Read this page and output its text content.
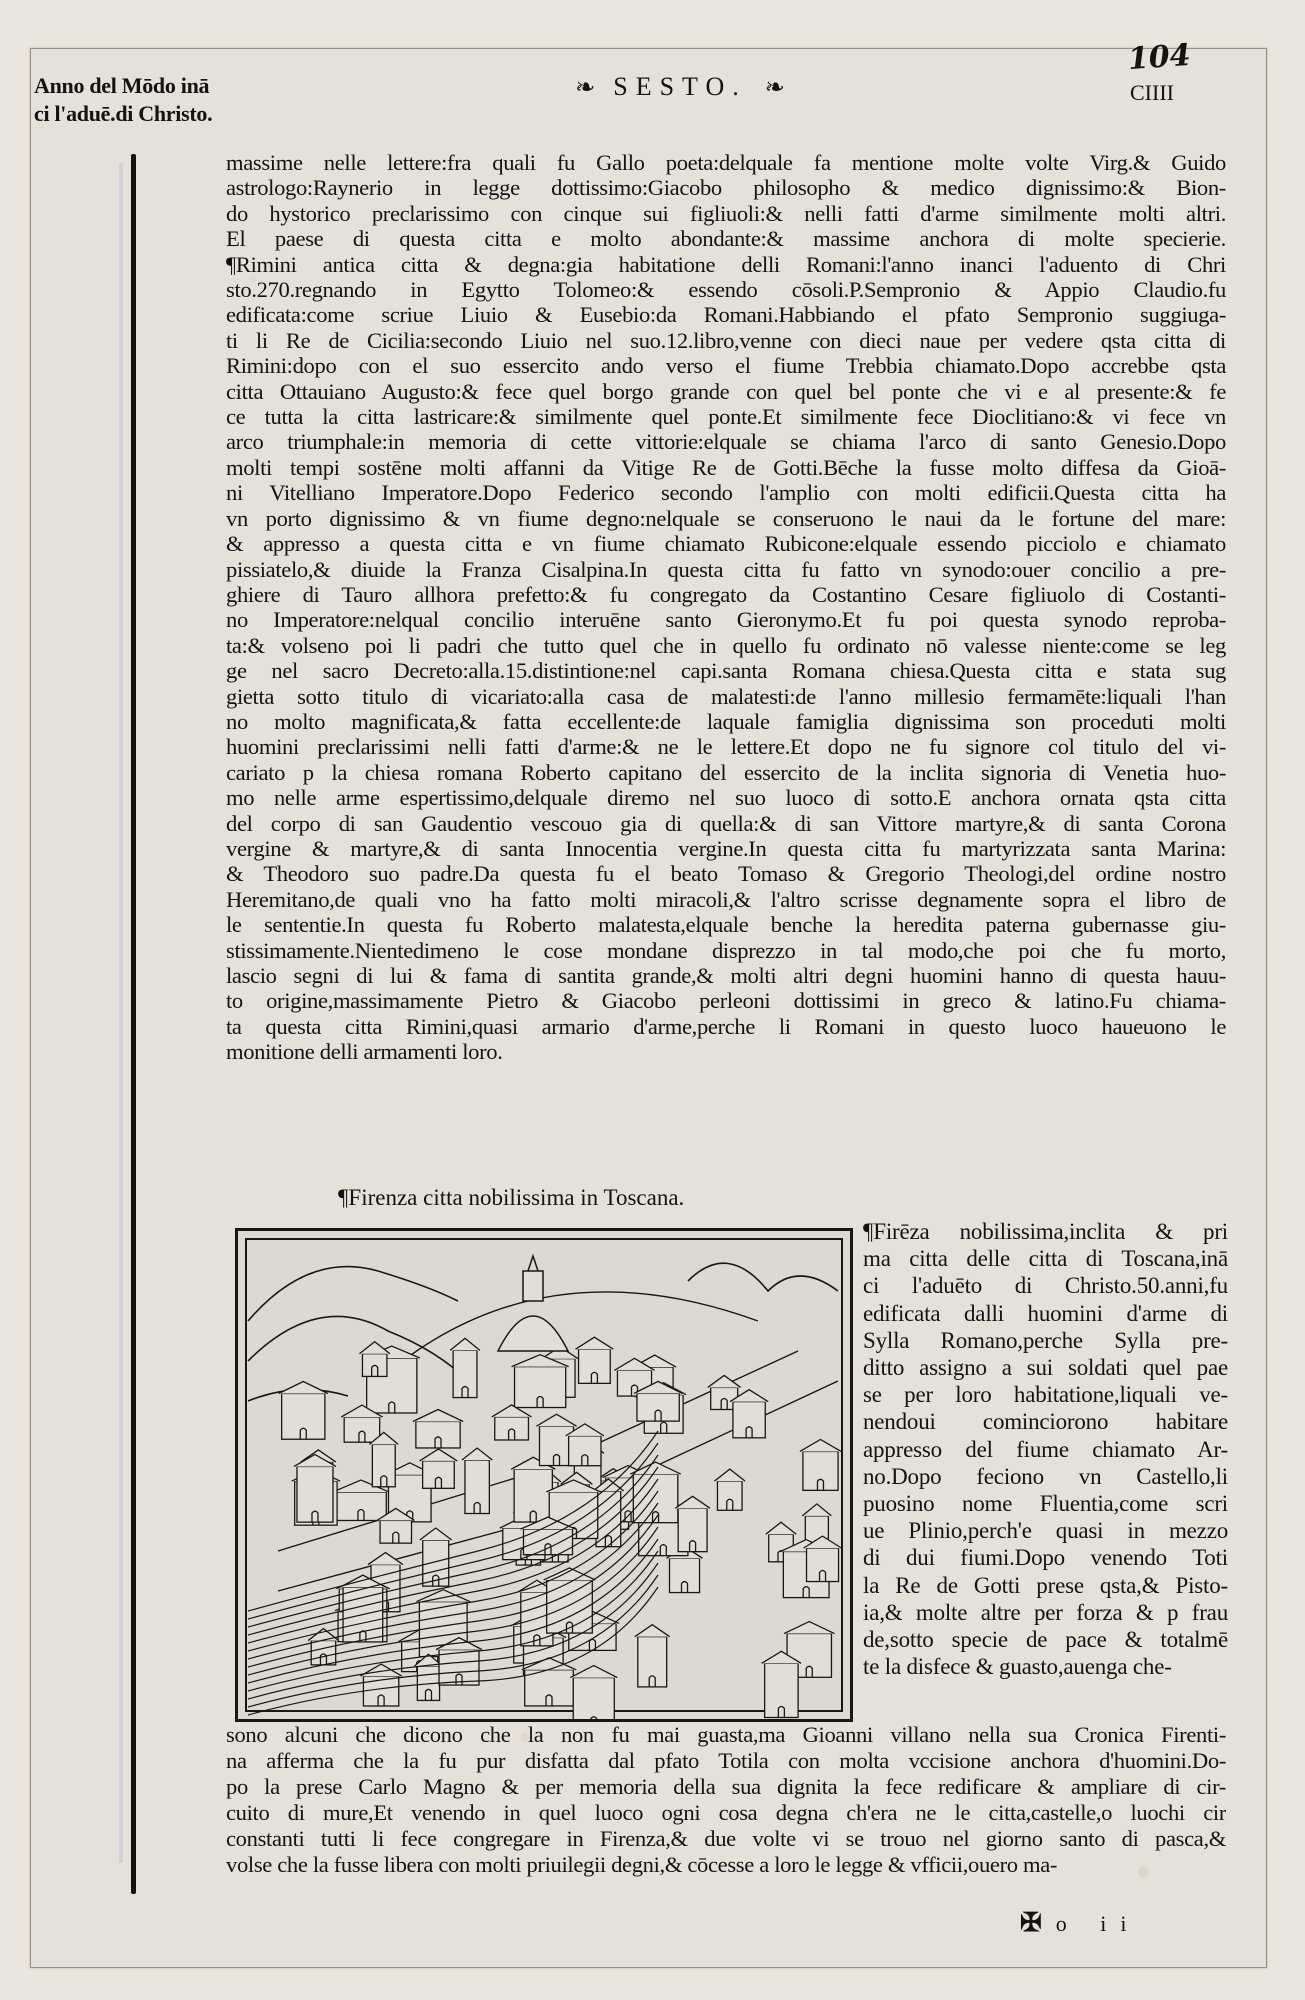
104
Anno del Mōdo inā
ci l'aduē.di Christo.
❧ SESTO. ❧	CIIII
massime nelle lettere:fra quali fu Gallo poeta:delquale fa mentione molte volte Virg.& Guido
astrologo:Raynerio in legge dottissimo:Giacobo philosopho & medico dignissimo:& Bion-
do hystorico preclarissimo con cinque sui figliuoli:& nelli fatti d'arme similmente molti altri.
El paese di questa citta e molto abondante:& massime anchora di molte specierie.
¶Rimini antica citta & degna:gia habitatione delli Romani:l'anno inanci l'aduento di Chri
sto.270.regnando in Egytto Tolomeo:& essendo cōsoli.P.Sempronio & Appio Claudio.fu
edificata:come scriue Liuio & Eusebio:da Romani.Habbiando el pfato Sempronio suggiuga-
ti li Re de Cicilia:secondo Liuio nel suo.12.libro,venne con dieci naue per vedere qsta citta di
Rimini:dopo con el suo essercito ando verso el fiume Trebbia chiamato.Dopo accrebbe qsta
citta Ottauiano Augusto:& fece quel borgo grande con quel bel ponte che vi e al presente:& fe
ce tutta la citta lastricare:& similmente quel ponte.Et similmente fece Dioclitiano:& vi fece vn
arco triumphale:in memoria di cette vittorie:elquale se chiama l'arco di santo Genesio.Dopo
molti tempi sostēne molti affanni da Vitige Re de Gotti.Bēche la fusse molto diffesa da Gioā-
ni Vitelliano Imperatore.Dopo Federico secondo l'amplio con molti edificii.Questa citta ha
vn porto dignissimo & vn fiume degno:nelquale se conseruono le naui da le fortune del mare:
& appresso a questa citta e vn fiume chiamato Rubicone:elquale essendo picciolo e chiamato
pissiatelo,& diuide la Franza Cisalpina.In questa citta fu fatto vn synodo:ouer concilio a pre-
ghiere di Tauro allhora prefetto:& fu congregato da Costantino Cesare figliuolo di Costanti-
no Imperatore:nelqual concilio interuēne santo Gieronymo.Et fu poi questa synodo reproba-
ta:& volseno poi li padri che tutto quel che in quello fu ordinato nō valesse niente:come se leg
ge nel sacro Decreto:alla.15.distintione:nel capi.santa Romana chiesa.Questa citta e stata sug
gietta sotto titulo di vicariato:alla casa de malatesti:de l'anno millesio fermamēte:liquali l'han
no molto magnificata,& fatta eccellente:de laquale famiglia dignissima son proceduti molti
huomini preclarissimi nelli fatti d'arme:& ne le lettere.Et dopo ne fu signore col titulo del vi-
cariato p la chiesa romana Roberto capitano del essercito de la inclita signoria di Venetia huo-
mo nelle arme espertissimo,delquale diremo nel suo luoco di sotto.E anchora ornata qsta citta
del corpo di san Gaudentio vescouo gia di quella:& di san Vittore martyre,& di santa Corona
vergine & martyre,& di santa Innocentia vergine.In questa citta fu martyrizzata santa Marina:
& Theodoro suo padre.Da questa fu el beato Tomaso & Gregorio Theologi,del ordine nostro
Heremitano,de quali vno ha fatto molti miracoli,& l'altro scrisse degnamente sopra el libro de
le sententie.In questa fu Roberto malatesta,elquale benche la heredita paterna gubernasse giu-
stissimamente.Nientedimeno le cose mondane disprezzo in tal modo,che poi che fu morto,
lascio segni di lui & fama di santita grande,& molti altri degni huomini hanno di questa hauu-
to origine,massimamente Pietro & Giacobo perleoni dottissimi in greco & latino.Fu chiama-
ta questa citta Rimini,quasi armario d'arme,perche li Romani in questo luoco haueuono le
monitione delli armamenti loro.
¶Firenza citta nobilissima in Toscana.
¶Firēza nobilissima,inclita & pri
ma citta delle citta di Toscana,inā
ci l'aduēto di Christo.50.anni,fu
edificata dalli huomini d'arme di
Sylla Romano,perche Sylla pre-
ditto assigno a sui soldati quel pae
se per loro habitatione,liquali ve-
nendoui cominciorono habitare
appresso del fiume chiamato Ar-
no.Dopo feciono vn Castello,li
puosino nome Fluentia,come scri
ue Plinio,perch'e quasi in mezzo
di dui fiumi.Dopo venendo Toti
la Re de Gotti prese qsta,& Pisto-
ia,& molte altre per forza & p frau
de,sotto specie de pace & totalmē
te la disfece & guasto,auenga che-
sono alcuni che dicono che la non fu mai guasta,ma Gioanni villano nella sua Cronica Firenti-
na afferma che la fu pur disfatta dal pfato Totila con molta vccisione anchora d'huomini.Do-
po la prese Carlo Magno & per memoria della sua dignita la fece redificare & ampliare di cir-
cuito di mure,Et venendo in quel luoco ogni cosa degna ch'era ne le citta,castelle,o luochi cir
constanti tutti li fece congregare in Firenza,& due volte vi se trouo nel giorno santo di pasca,&
volse che la fusse libera con molti priuilegii degni,& cōcesse a loro le legge & vfficii,ouero ma-
✠ o ii
